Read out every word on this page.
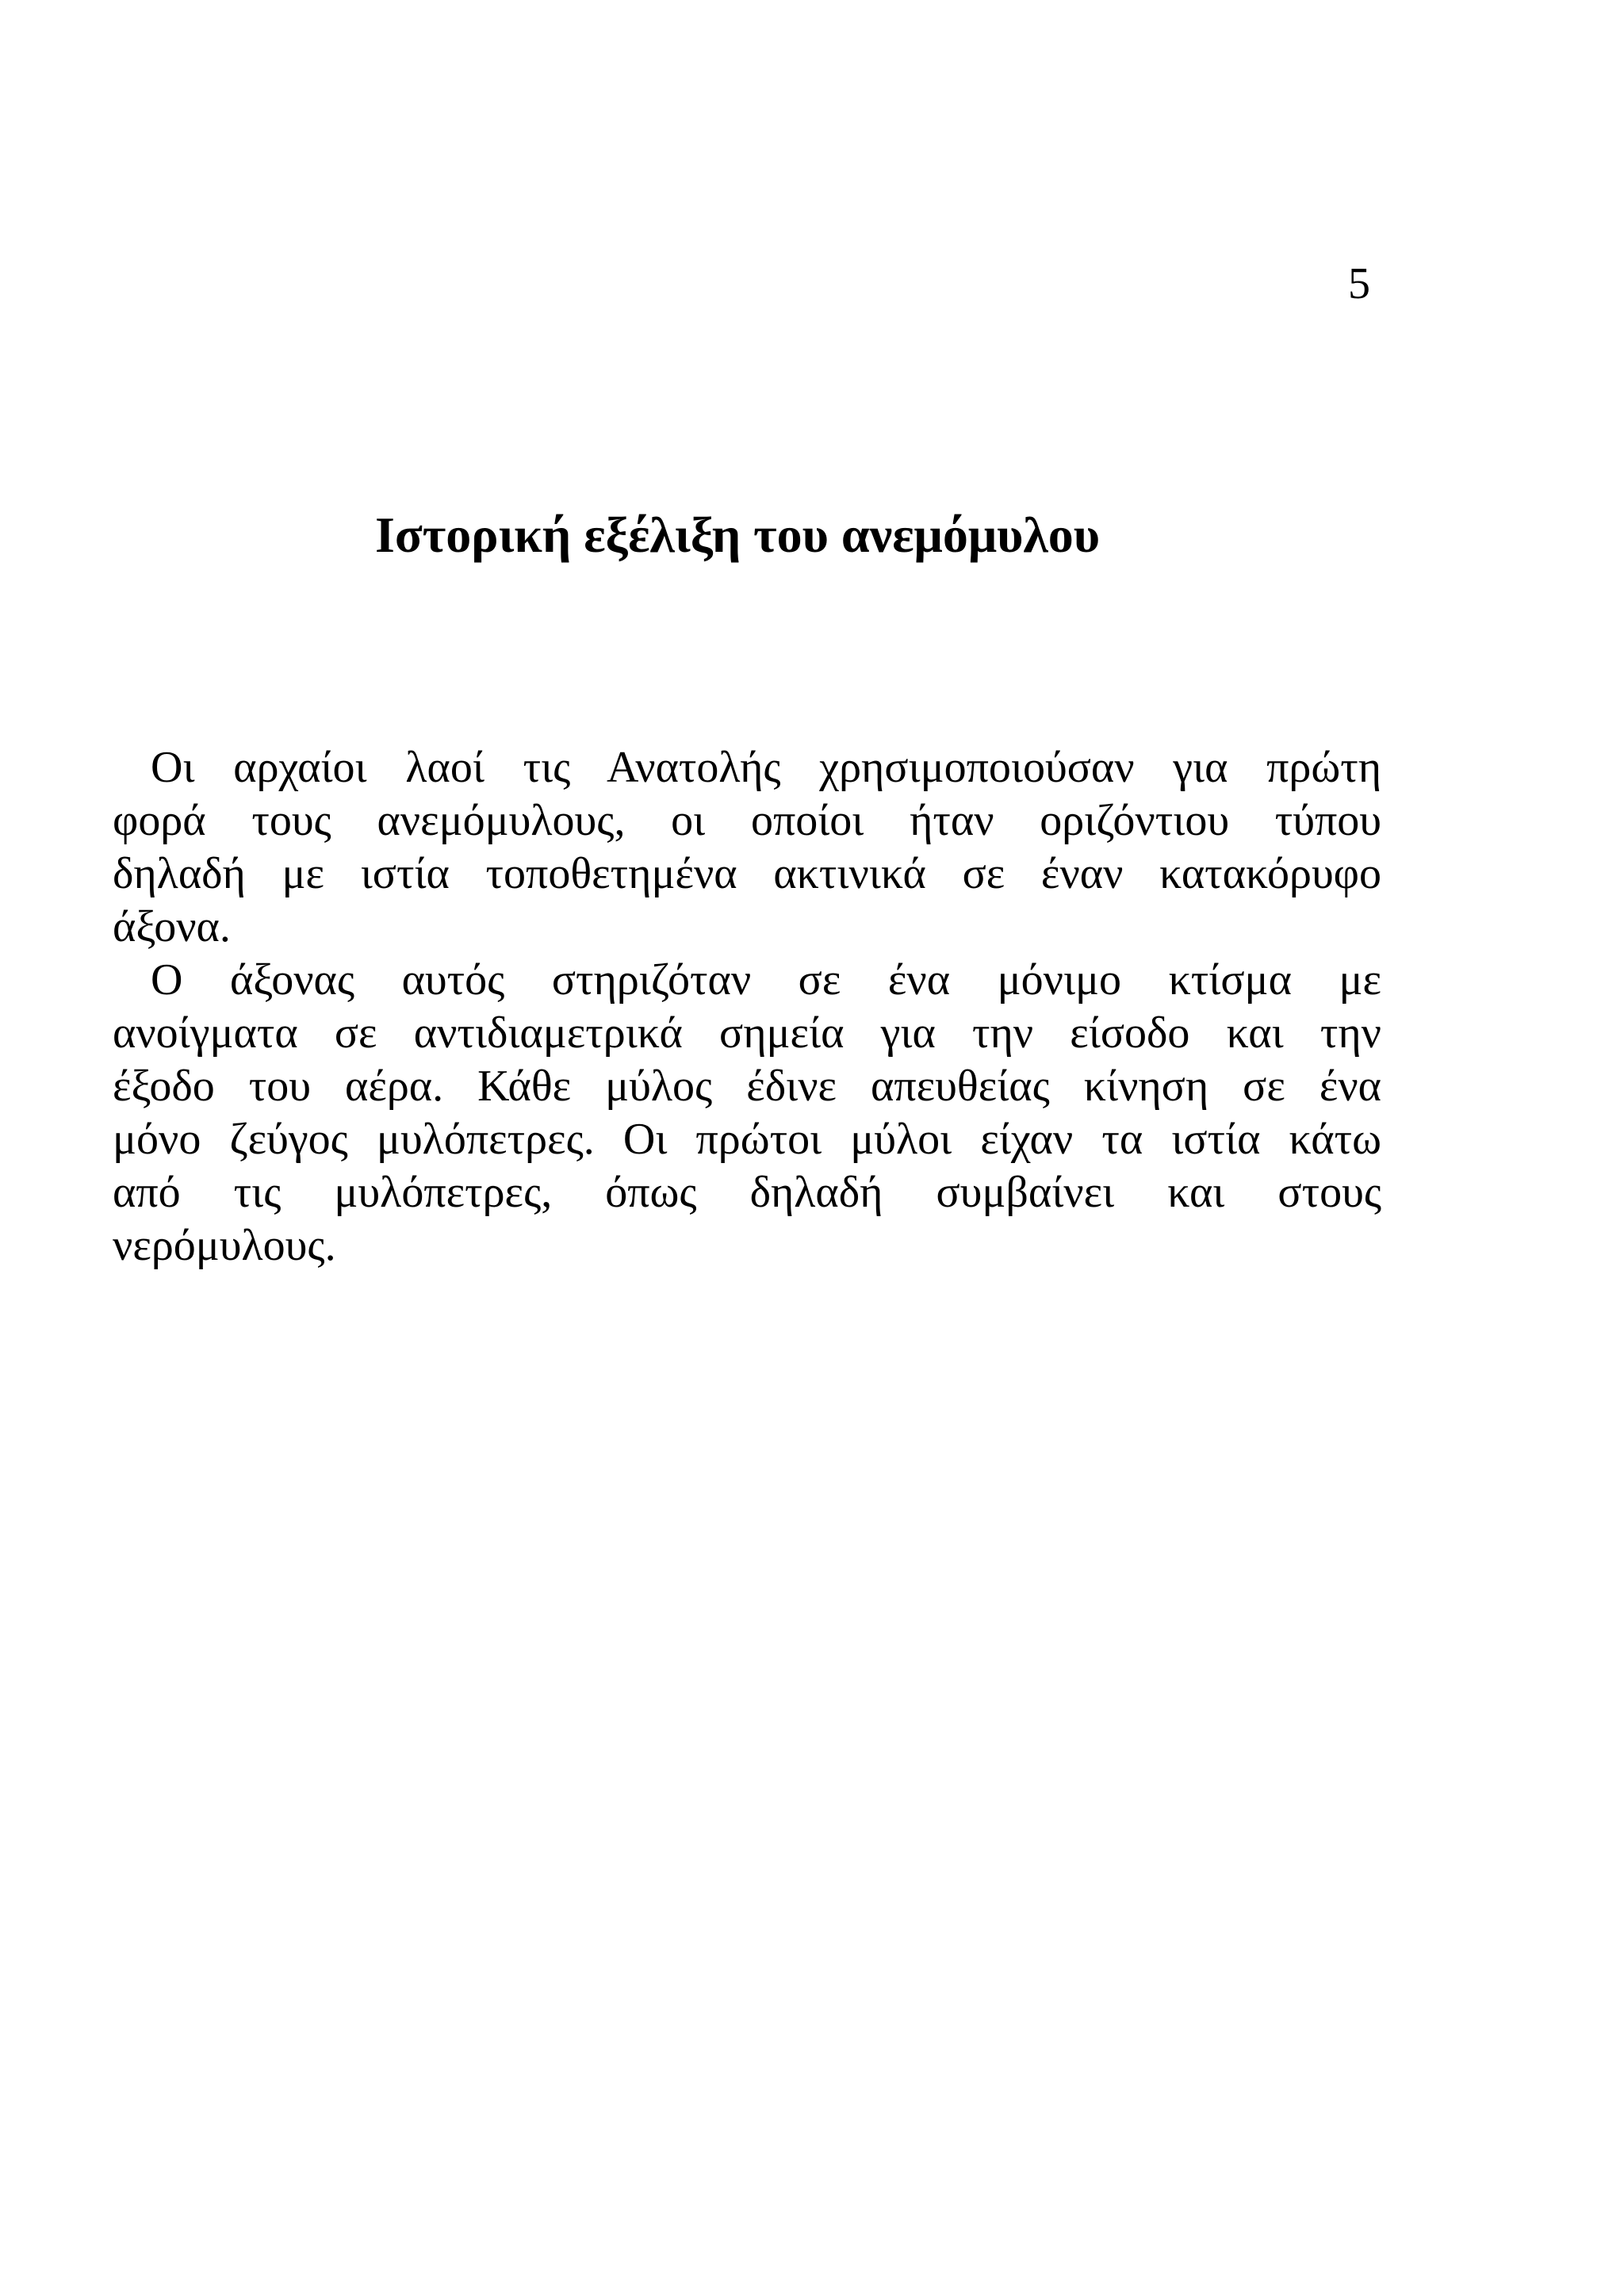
5
Ιστορική εξέλιξη του ανεμόμυλου
Οι αρχαίοι λαοί τις Ανατολής χρησιμοποιούσαν για πρώτη
φορά τους ανεμόμυλους, οι οποίοι ήταν οριζόντιου τύπου
δηλαδή με ιστία τοποθετημένα ακτινικά σε έναν κατακόρυφο
άξονα.
Ο άξονας αυτός στηριζόταν σε ένα μόνιμο κτίσμα με
ανοίγματα σε αντιδιαμετρικά σημεία για την είσοδο και την
έξοδο του αέρα. Κάθε μύλος έδινε απευθείας κίνηση σε ένα
μόνο ζεύγος μυλόπετρες. Οι πρώτοι μύλοι είχαν τα ιστία κάτω
από τις μυλόπετρες, όπως δηλαδή συμβαίνει και στους
νερόμυλους.
